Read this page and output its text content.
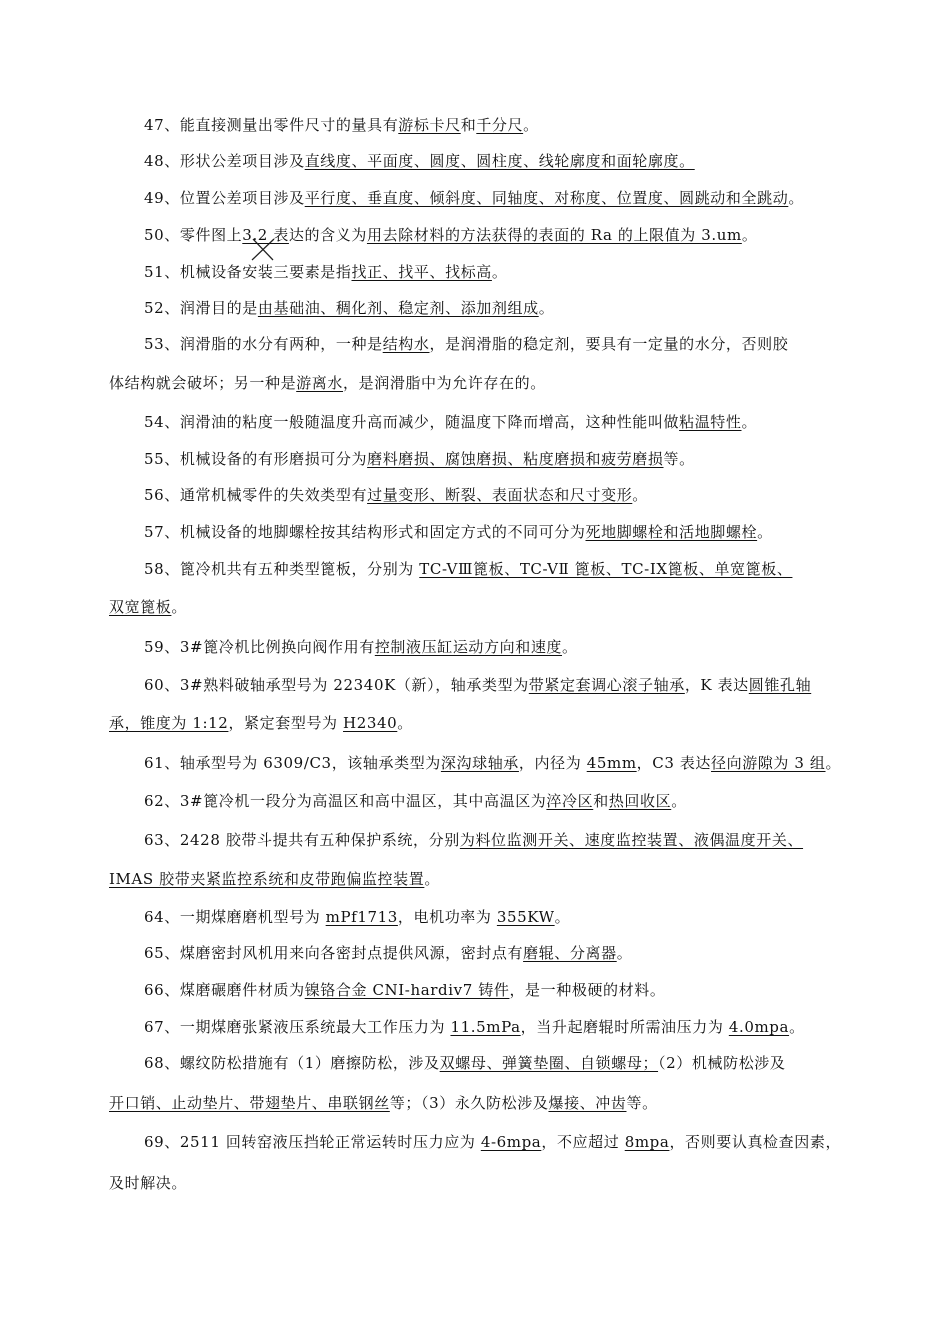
47、能直接测量出零件尺寸的量具有游标卡尺和千分尺。
48、形状公差项目涉及直线度、平面度、圆度、圆柱度、线轮廓度和面轮廓度。
49、位置公差项目涉及平行度、垂直度、倾斜度、同轴度、对称度、位置度、圆跳动和全跳动。
50、零件图上3.2 表达的含义为用去除材料的方法获得的表面的 Ra 的上限值为 3.um。
51、机械设备安装三要素是指找正、找平、找标高。
52、润滑目的是由基础油、稠化剂、稳定剂、添加剂组成。
53、润滑脂的水分有两种，一种是结构水，是润滑脂的稳定剂，要具有一定量的水分，否则胶
体结构就会破坏；另一种是游离水，是润滑脂中为允许存在的。
54、润滑油的粘度一般随温度升高而减少，随温度下降而增高，这种性能叫做粘温特性。
55、机械设备的有形磨损可分为磨料磨损、腐蚀磨损、粘度磨损和疲劳磨损等。
56、通常机械零件的失效类型有过量变形、断裂、表面状态和尺寸变形。
57、机械设备的地脚螺栓按其结构形式和固定方式的不同可分为死地脚螺栓和活地脚螺栓。
58、篦冷机共有五种类型篦板，分别为 TC-VⅢ篦板、TC-VⅡ 篦板、TC-ⅠX篦板、单宽篦板、
双宽篦板。
59、3#篦冷机比例换向阀作用有控制液压缸运动方向和速度。
60、3#熟料破轴承型号为 22340K（新），轴承类型为带紧定套调心滚子轴承，K 表达圆锥孔轴
承，锥度为 1:12，紧定套型号为 H2340。
61、轴承型号为 6309/C3，该轴承类型为深沟球轴承，内径为 45mm，C3 表达径向游隙为 3 组。
62、3#篦冷机一段分为高温区和高中温区，其中高温区为淬冷区和热回收区。
63、2428 胶带斗提共有五种保护系统，分别为料位监测开关、速度监控装置、液偶温度开关、
IMAS 胶带夹紧监控系统和皮带跑偏监控装置。
64、一期煤磨磨机型号为 mPf1713，电机功率为 355KW。
65、煤磨密封风机用来向各密封点提供风源，密封点有磨辊、分离器。
66、煤磨碾磨件材质为镍铬合金 CNI-hardiv7 铸件，是一种极硬的材料。
67、一期煤磨张紧液压系统最大工作压力为 11.5mPa，当升起磨辊时所需油压力为 4.0mpa。
68、螺纹防松措施有（1）磨擦防松，涉及双螺母、弹簧垫圈、自锁螺母；（2）机械防松涉及
开口销、止动垫片、带翅垫片、串联钢丝等；（3）永久防松涉及爆接、冲齿等。
69、2511 回转窑液压挡轮正常运转时压力应为 4-6mpa，不应超过 8mpa，否则要认真检查因素，
及时解决。
